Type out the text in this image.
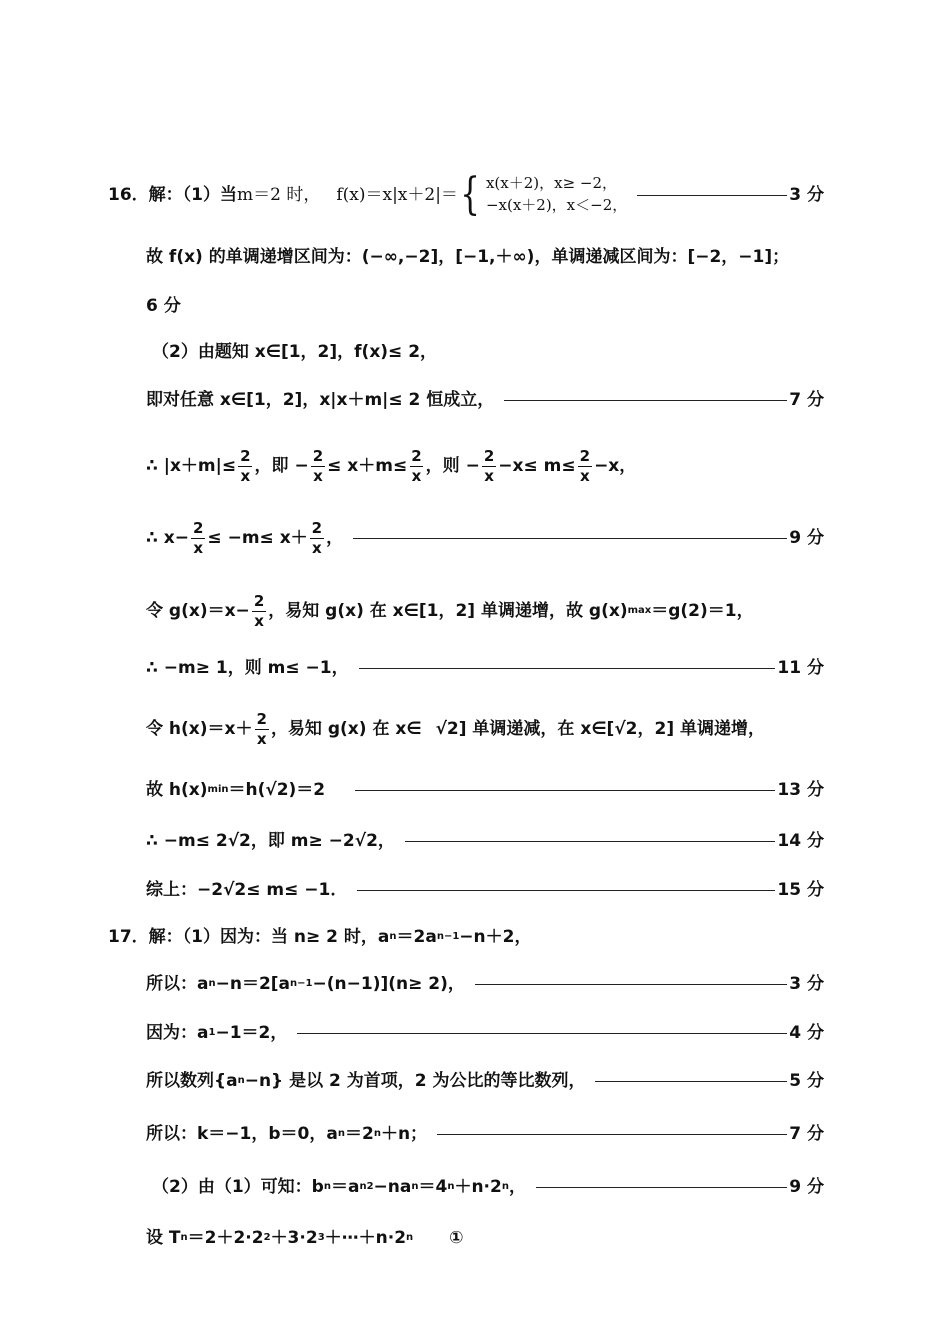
16．解：（1）当 m＝2 时， f(x)＝x|x＋2|＝ { x(x＋2)，x≥ −2，
−x(x＋2)，x＜−2，
3 分
故 f(x) 的单调递增区间为：(−∞,−2]，[−1,＋∞)，单调递减区间为：[−2，−1]；
6 分
（2）由题知 x∈[1，2]，f(x)≤ 2，
即对任意 x∈[1，2]，x|x＋m|≤ 2 恒成立，	7 分
∴ $|x+m|\le \frac{2}{x}$ ，即 − $\frac{2}{x} \le x+m\le \frac{2}{x}$ ，则 − $\frac{2}{x} -x\le m\le \frac{2}{x} -x$，
∴ $x- \frac{2}{x} \le -m\le x+ \frac{2}{x}$ ，	9 分
令 $g(x)=x- \frac{2}{x}$ ，易知 g(x) 在 x∈[1，2] 单调递增，故 g(x) max ＝g(2)＝1，
∴ −m≥ 1，则 m≤ −1，	11 分
令 $h(x)=x+ \frac{2}{x}$ ，易知 g(x) 在 x∈ √2] 单调递减，在 x∈[√2，2] 单调递增，
故 h(x) min ＝h(√2)＝2	13 分
∴ −m≤ 2√2，即 m≥ −2√2，	14 分
综上：−2√2≤ m≤ −1．	15 分
17．解：（1）因为：当 n≥ 2 时，a n ＝2a n−1 −n＋2，
所以：a n −n＝2[a n−1 −(n−1)](n≥ 2)，	3 分
因为：a 1 −1＝2，	4 分
所以数列{a n −n} 是以 2 为首项，2 为公比的等比数列，	5 分
所以：k＝−1，b＝0，a n ＝2 n ＋n；	7 分
（2）由（1）可知：b n ＝a n 2 −na n ＝4 n ＋n·2 n ，	9 分
设 T n ＝2＋2·2 2 ＋3·2 3 ＋⋯＋n·2 n ①
